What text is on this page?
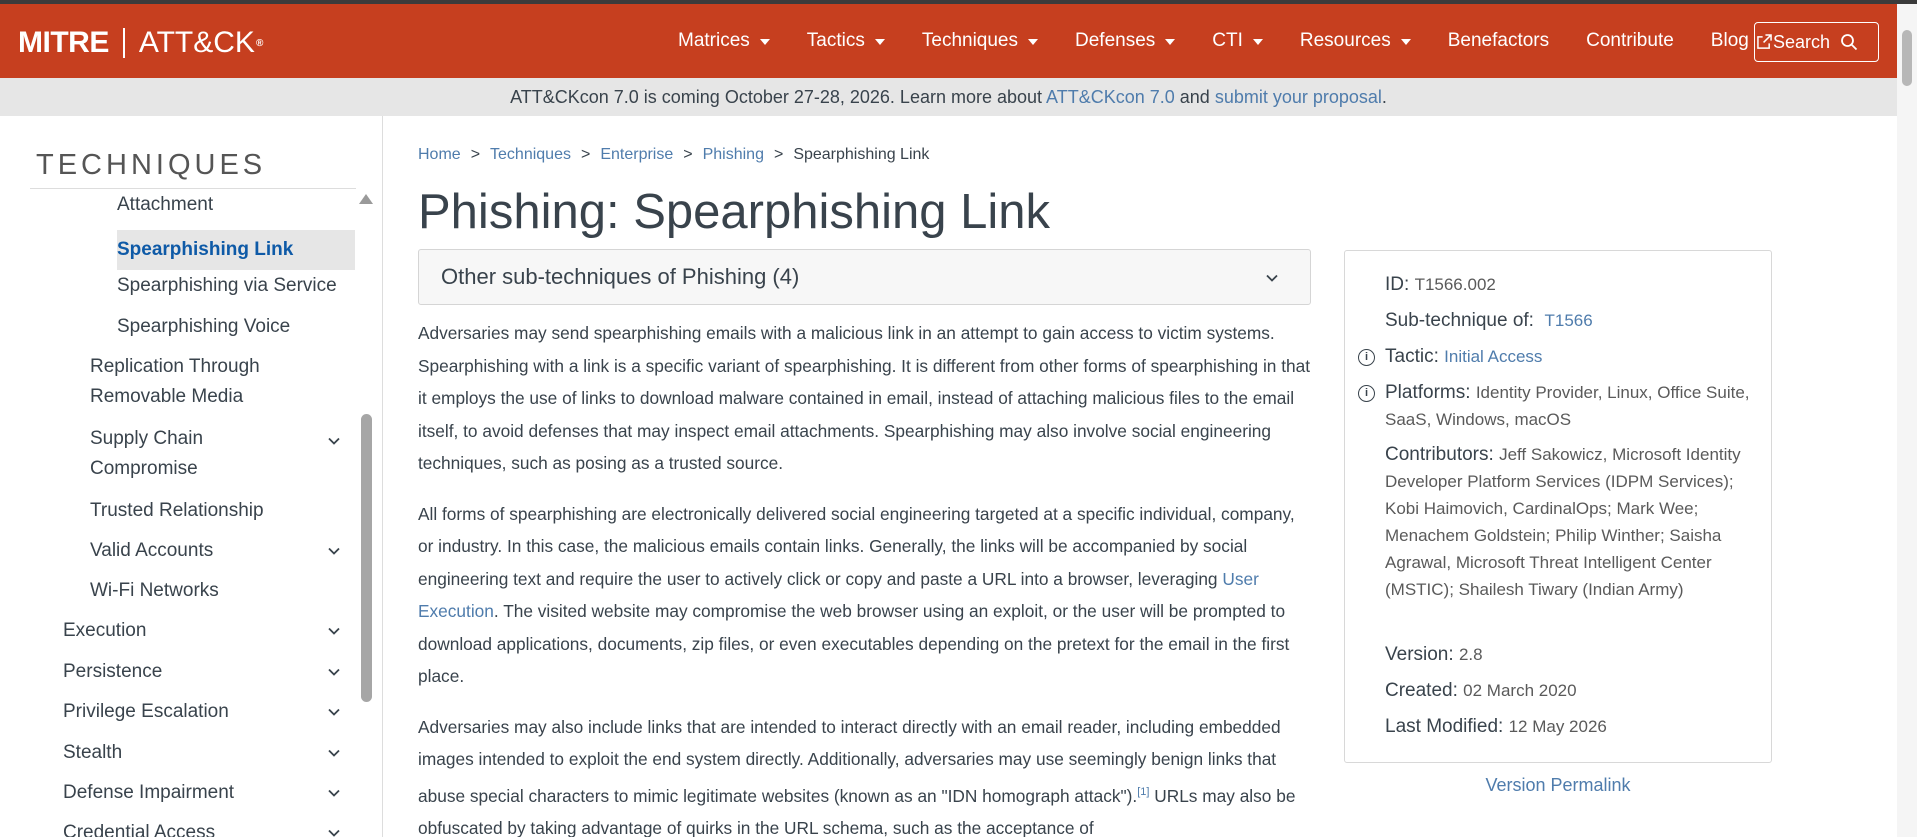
MITRE ATT&CK ®	Matrices	Tactics	Techniques	Defenses	CTI	Resources	Benefactors Contribute Blog Search
ATT&CKcon 7.0 is coming October 27-28, 2026. Learn more about ATT&CKcon 7.0 and submit your proposal.
TECHNIQUES
Attachment
Spearphishing Link
Spearphishing via Service
Spearphishing Voice
Replication Through Removable Media
Supply Chain Compromise
Trusted Relationship
Valid Accounts
Wi-Fi Networks
Execution
Persistence
Privilege Escalation
Stealth
Defense Impairment
Credential Access
Home > Techniques > Enterprise > Phishing > Spearphishing Link
Phishing: Spearphishing Link
Other sub-techniques of Phishing (4)

Adversaries may send spearphishing emails with a malicious link in an attempt to gain access to victim systems. Spearphishing with a link is a specific variant of spearphishing. It is different from other forms of spearphishing in that it employs the use of links to download malware contained in email, instead of attaching malicious files to the email itself, to avoid defenses that may inspect email attachments. Spearphishing may also involve social engineering techniques, such as posing as a trusted source.

All forms of spearphishing are electronically delivered social engineering targeted at a specific individual, company, or industry. In this case, the malicious emails contain links. Generally, the links will be accompanied by social engineering text and require the user to actively click or copy and paste a URL into a browser, leveraging User Execution. The visited website may compromise the web browser using an exploit, or the user will be prompted to download applications, documents, zip files, or even executables depending on the pretext for the email in the first place.

Adversaries may also include links that are intended to interact directly with an email reader, including embedded images intended to exploit the end system directly. Additionally, adversaries may use seemingly benign links that abuse special characters to mimic legitimate websites (known as an "IDN homograph attack").[1] URLs may also be obfuscated by taking advantage of quirks in the URL schema, such as the acceptance of

ID: T1566.002
Sub-technique of: T1566
i Tactic: Initial Access
i Platforms: Identity Provider, Linux, Office Suite, SaaS, Windows, macOS
Contributors: Jeff Sakowicz, Microsoft Identity Developer Platform Services (IDPM Services); Kobi Haimovich, CardinalOps; Mark Wee; Menachem Goldstein; Philip Winther; Saisha Agrawal, Microsoft Threat Intelligent Center (MSTIC); Shailesh Tiwary (Indian Army)
Version: 2.8
Created: 02 March 2020
Last Modified: 12 May 2026
Version Permalink
